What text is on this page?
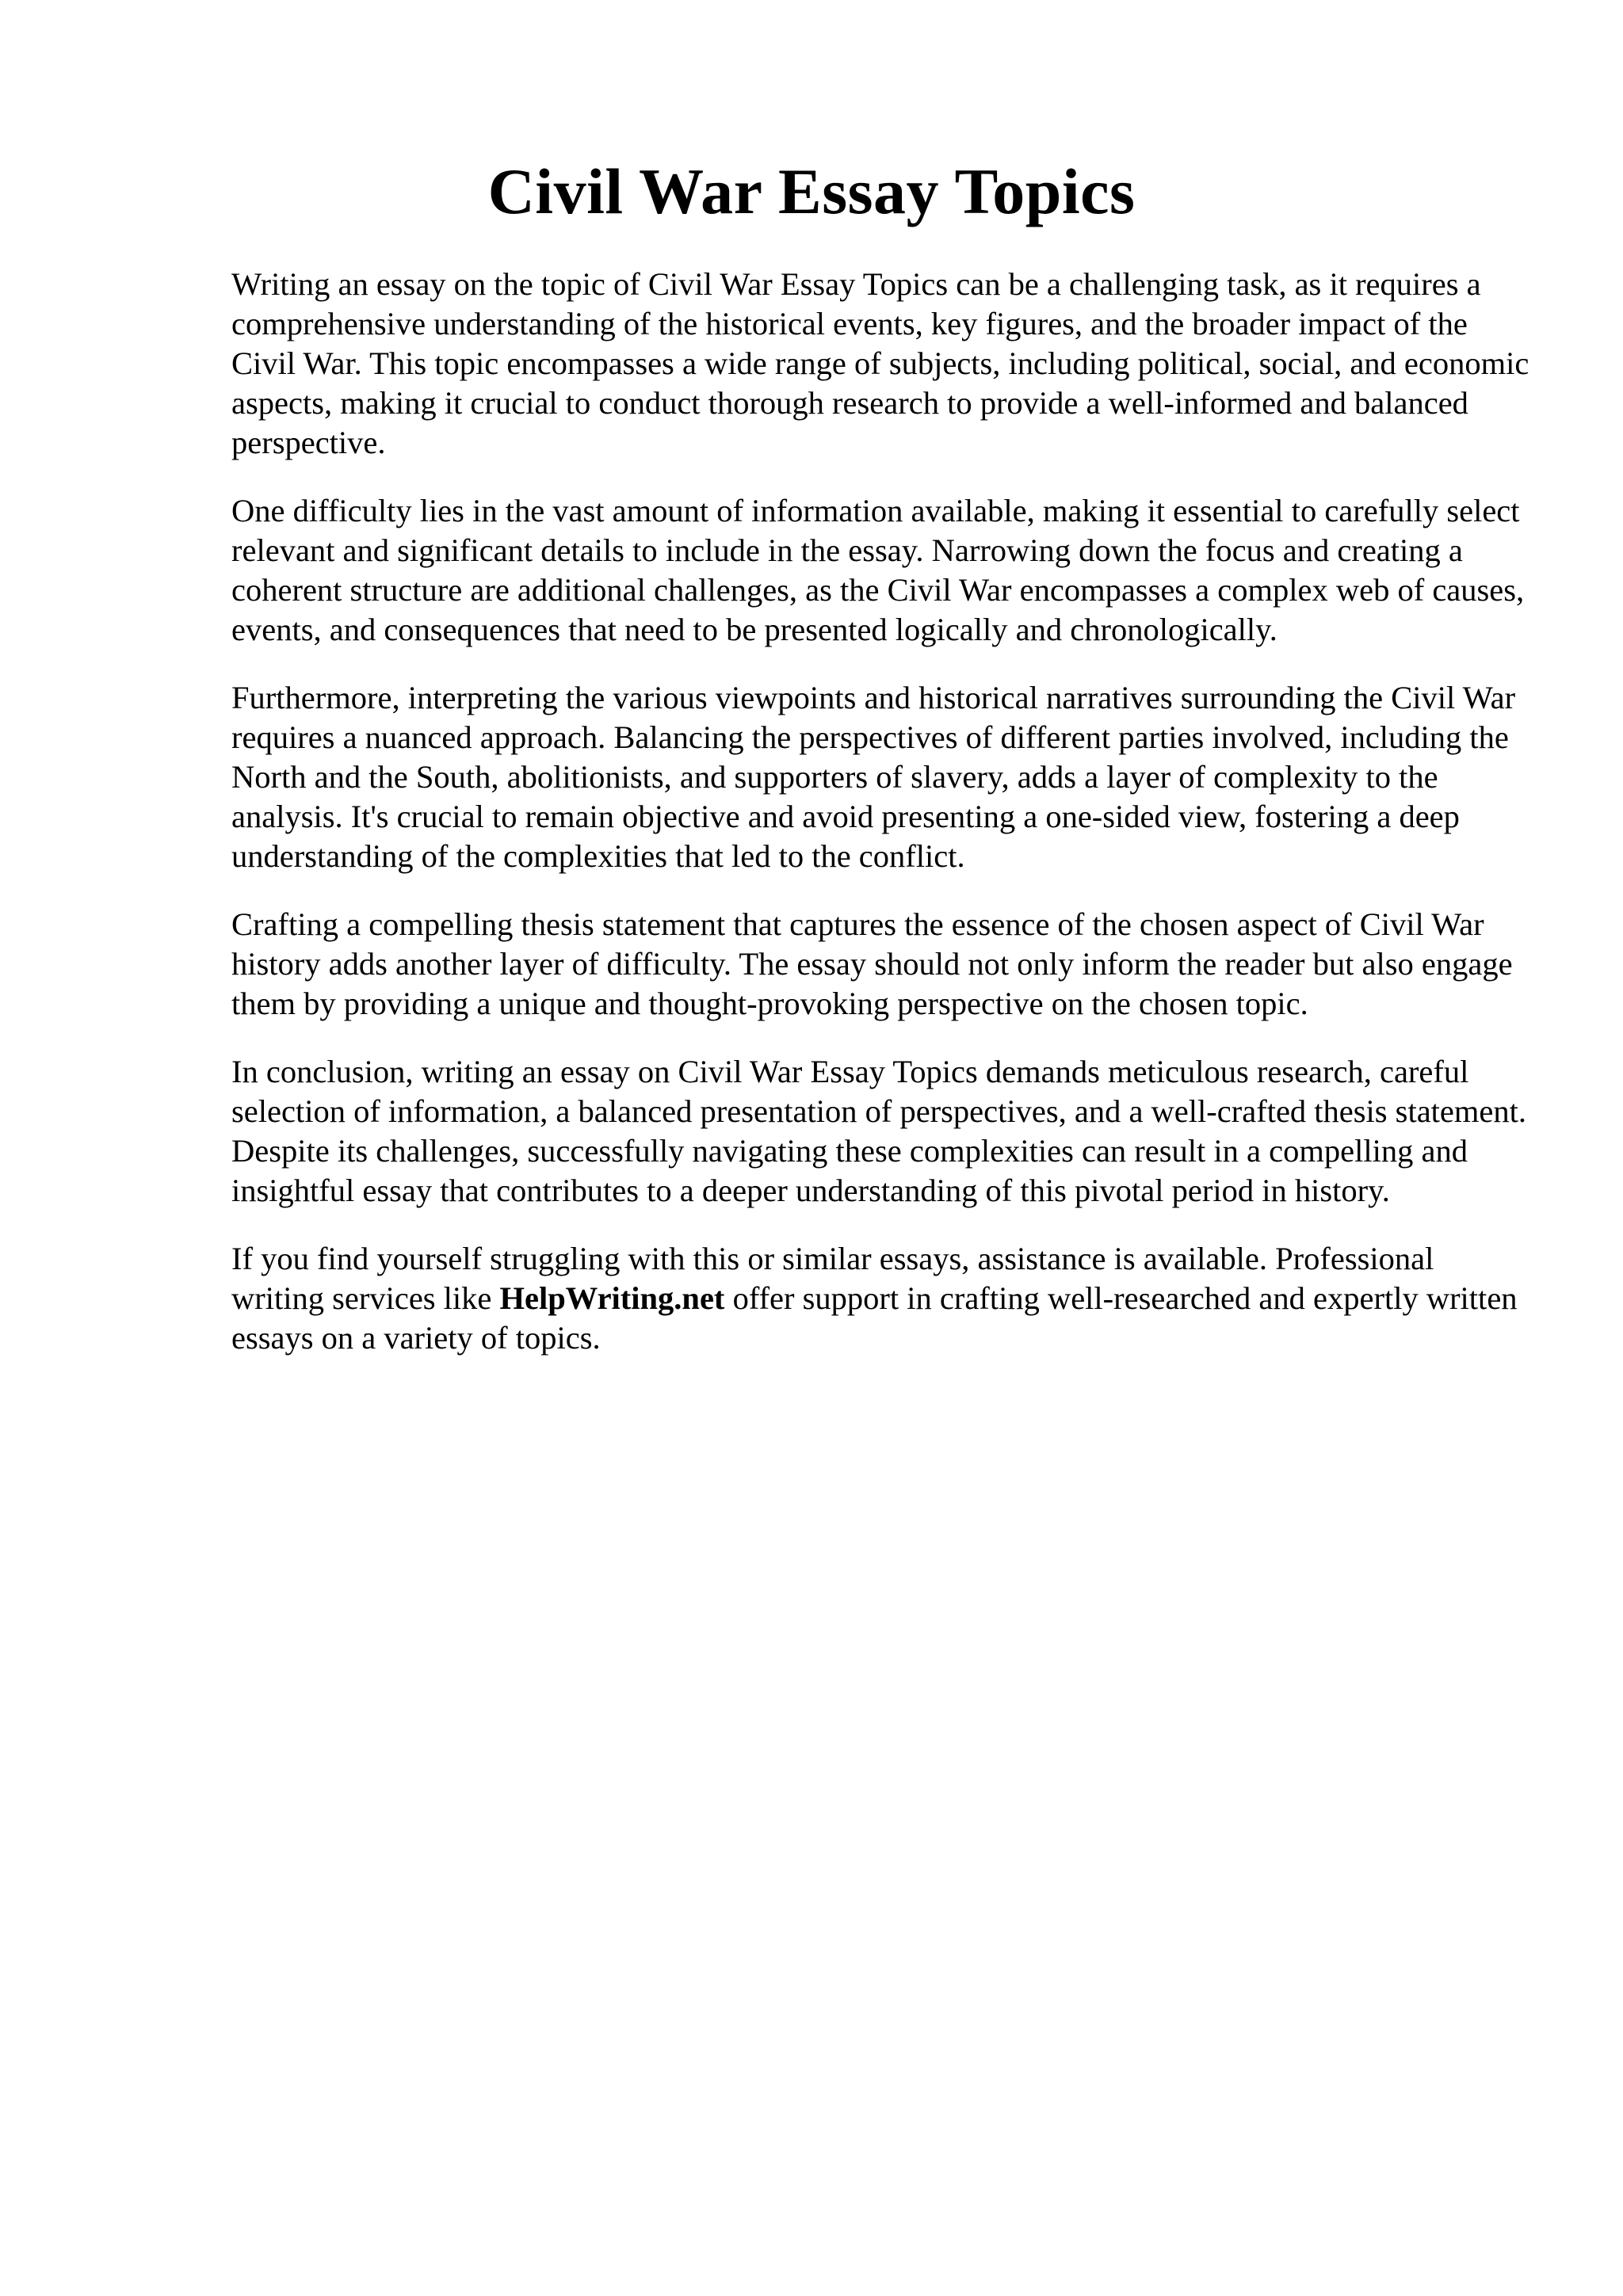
Civil War Essay Topics

Writing an essay on the topic of Civil War Essay Topics can be a challenging task, as it requires a comprehensive understanding of the historical events, key figures, and the broader impact of the Civil War. This topic encompasses a wide range of subjects, including political, social, and economic aspects, making it crucial to conduct thorough research to provide a well-informed and balanced perspective.

One difficulty lies in the vast amount of information available, making it essential to carefully select relevant and significant details to include in the essay. Narrowing down the focus and creating a coherent structure are additional challenges, as the Civil War encompasses a complex web of causes, events, and consequences that need to be presented logically and chronologically.

Furthermore, interpreting the various viewpoints and historical narratives surrounding the Civil War requires a nuanced approach. Balancing the perspectives of different parties involved, including the North and the South, abolitionists, and supporters of slavery, adds a layer of complexity to the analysis. It's crucial to remain objective and avoid presenting a one-sided view, fostering a deep understanding of the complexities that led to the conflict.

Crafting a compelling thesis statement that captures the essence of the chosen aspect of Civil War history adds another layer of difficulty. The essay should not only inform the reader but also engage them by providing a unique and thought-provoking perspective on the chosen topic.

In conclusion, writing an essay on Civil War Essay Topics demands meticulous research, careful selection of information, a balanced presentation of perspectives, and a well-crafted thesis statement. Despite its challenges, successfully navigating these complexities can result in a compelling and insightful essay that contributes to a deeper understanding of this pivotal period in history.

If you find yourself struggling with this or similar essays, assistance is available. Professional writing services like HelpWriting.net offer support in crafting well-researched and expertly written essays on a variety of topics.
